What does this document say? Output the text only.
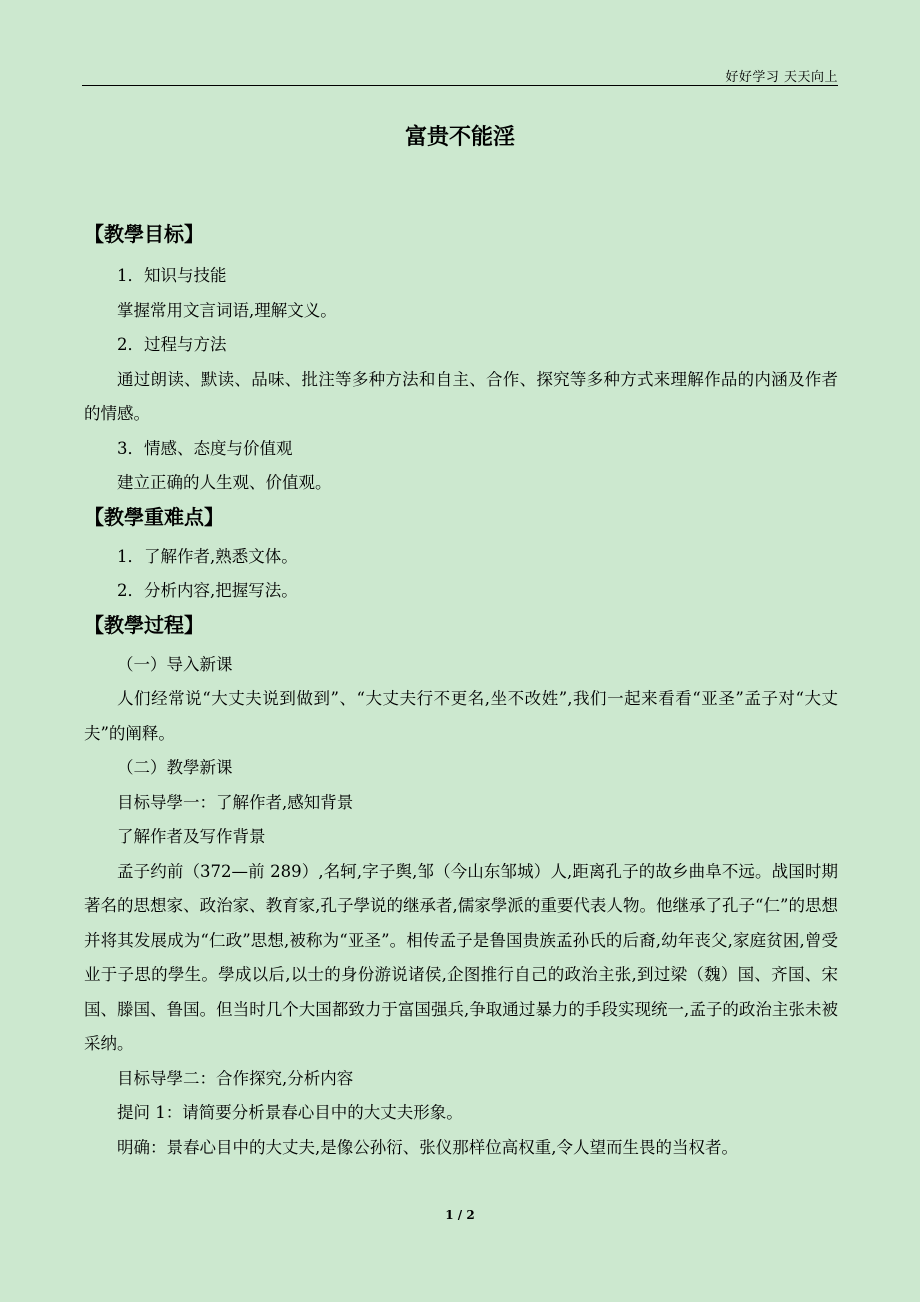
好好学习 天天向上
富贵不能淫
【教學目标】

1．知识与技能

掌握常用文言词语,理解文义。

2．过程与方法

通过朗读、默读、品味、批注等多种方法和自主、合作、探究等多种方式来理解作品的内涵及作者的情感。

3．情感、态度与价值观

建立正确的人生观、价值观。

【教學重难点】

1．了解作者,熟悉文体。

2．分析内容,把握写法。

【教學过程】

（一）导入新课

人们经常说“大丈夫说到做到”、“大丈夫行不更名,坐不改姓”,我们一起来看看“亚圣”孟子对“大丈夫”的阐释。

（二）教學新课

目标导學一：了解作者,感知背景

了解作者及写作背景

孟子约前（372—前 289）,名轲,字子舆,邹（今山东邹城）人,距离孔子的故乡曲阜不远。战国时期著名的思想家、政治家、教育家,孔子學说的继承者,儒家學派的重要代表人物。他继承了孔子“仁”的思想并将其发展成为“仁政”思想,被称为“亚圣”。相传孟子是鲁国贵族孟孙氏的后裔,幼年丧父,家庭贫困,曾受业于子思的學生。學成以后,以士的身份游说诸侯,企图推行自己的政治主张,到过梁（魏）国、齐国、宋国、滕国、鲁国。但当时几个大国都致力于富国强兵,争取通过暴力的手段实现统一,孟子的政治主张未被采纳。

目标导學二：合作探究,分析内容

提问 1：请简要分析景春心目中的大丈夫形象。

明确：景春心目中的大丈夫,是像公孙衍、张仪那样位高权重,令人望而生畏的当权者。

1 / 2
